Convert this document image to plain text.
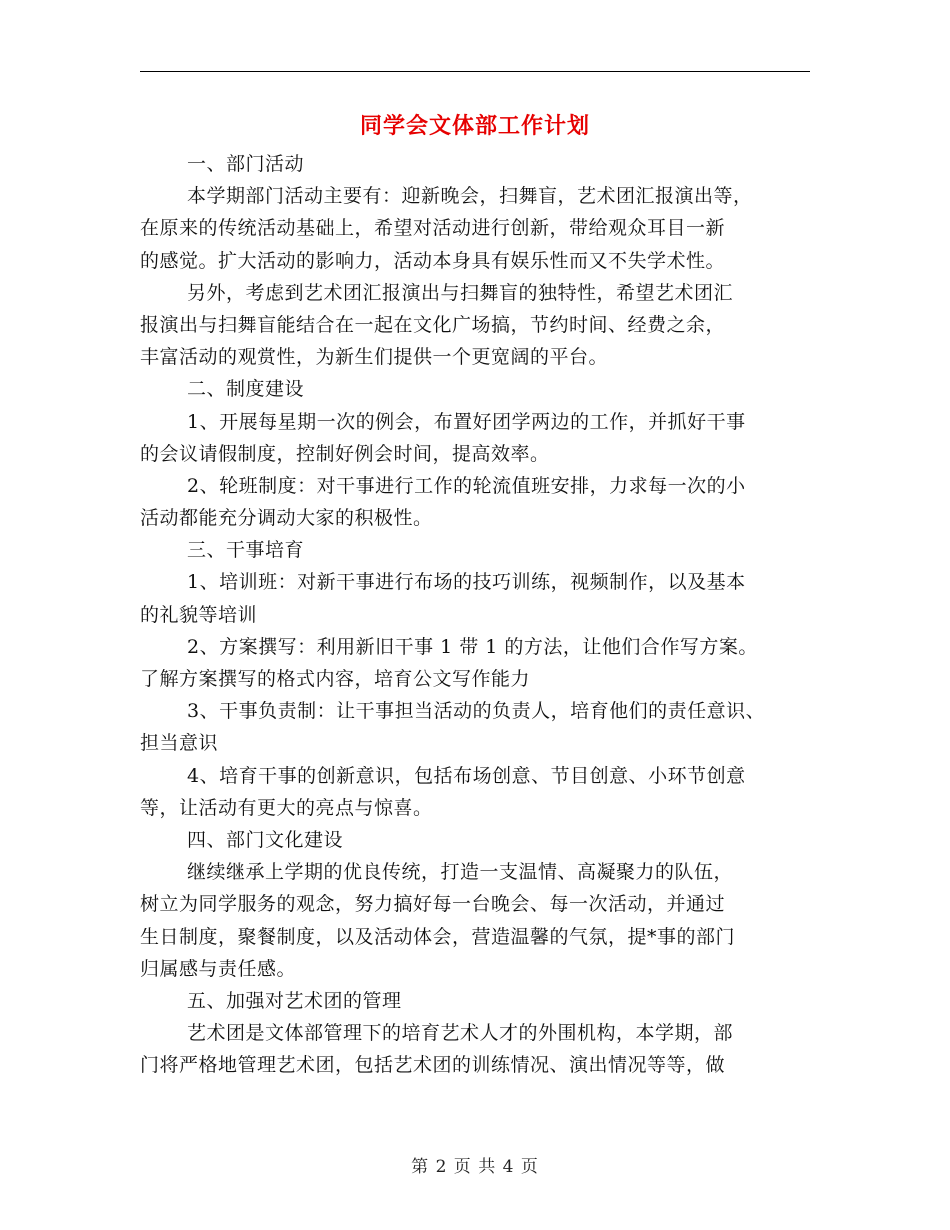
同学会文体部工作计划
一、部门活动
本学期部门活动主要有：迎新晚会，扫舞盲，艺术团汇报演出等，
在原来的传统活动基础上，希望对活动进行创新，带给观众耳目一新
的感觉。扩大活动的影响力，活动本身具有娱乐性而又不失学术性。
另外，考虑到艺术团汇报演出与扫舞盲的独特性，希望艺术团汇
报演出与扫舞盲能结合在一起在文化广场搞，节约时间、经费之余，
丰富活动的观赏性，为新生们提供一个更宽阔的平台。
二、制度建设
1、开展每星期一次的例会，布置好团学两边的工作，并抓好干事
的会议请假制度，控制好例会时间，提高效率。
2、轮班制度：对干事进行工作的轮流值班安排，力求每一次的小
活动都能充分调动大家的积极性。
三、干事培育
1、培训班：对新干事进行布场的技巧训练，视频制作，以及基本
的礼貌等培训
2、方案撰写：利用新旧干事 1 带 1 的方法，让他们合作写方案。
了解方案撰写的格式内容，培育公文写作能力
3、干事负责制：让干事担当活动的负责人，培育他们的责任意识、
担当意识
4、培育干事的创新意识，包括布场创意、节目创意、小环节创意
等，让活动有更大的亮点与惊喜。
四、部门文化建设
继续继承上学期的优良传统，打造一支温情、高凝聚力的队伍，
树立为同学服务的观念，努力搞好每一台晚会、每一次活动，并通过
生日制度，聚餐制度，以及活动体会，营造温馨的气氛，提*事的部门
归属感与责任感。
五、加强对艺术团的管理
艺术团是文体部管理下的培育艺术人才的外围机构，本学期，部
门将严格地管理艺术团，包括艺术团的训练情况、演出情况等等，做
第 2 页 共 4 页
